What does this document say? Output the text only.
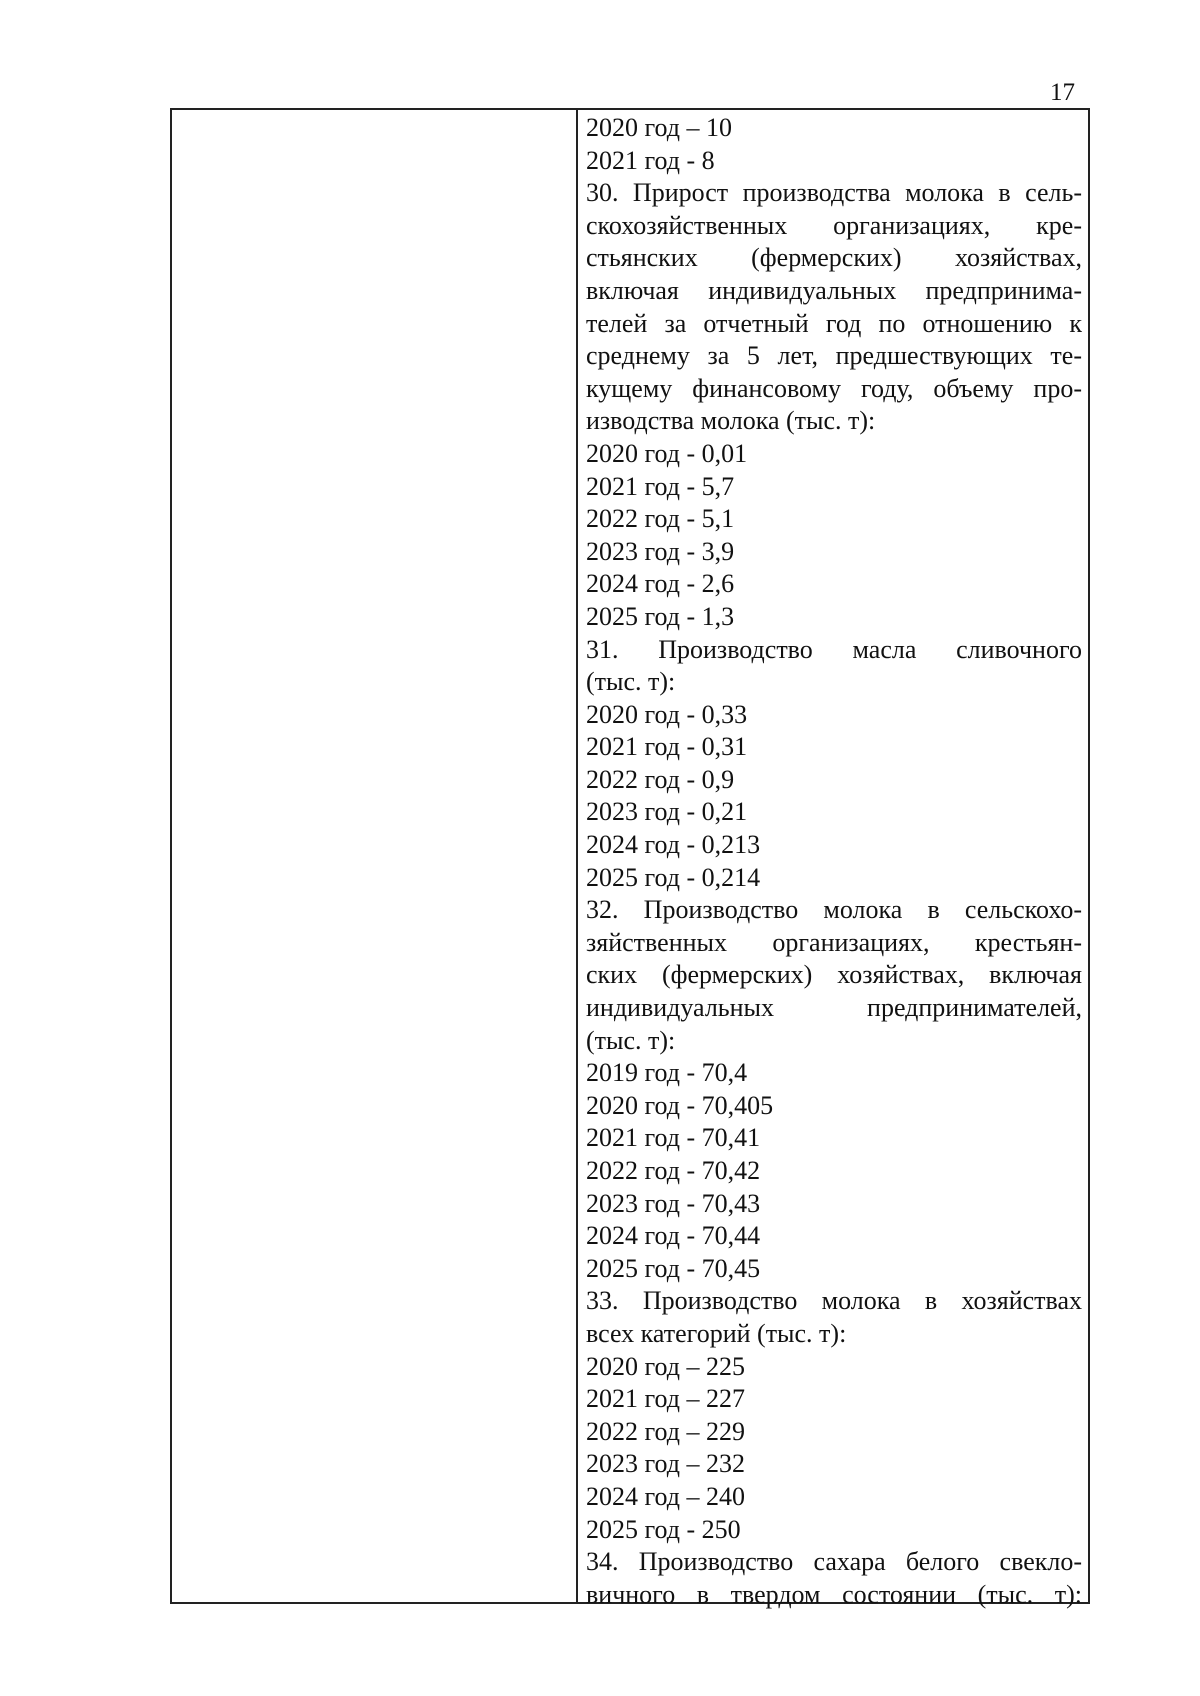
17
2020 год – 10
2021 год - 8
30. Прирост производства молока в сель-
скохозяйственных организациях, кре-
стьянских (фермерских) хозяйствах,
включая индивидуальных предпринима-
телей за отчетный год по отношению к
среднему за 5 лет, предшествующих те-
кущему финансовому году, объему про-
изводства молока (тыс. т):
2020 год - 0,01
2021 год - 5,7
2022 год - 5,1
2023 год - 3,9
2024 год - 2,6
2025 год - 1,3
31. Производство масла сливочного
(тыс. т):
2020 год - 0,33
2021 год - 0,31
2022 год - 0,9
2023 год - 0,21
2024 год - 0,213
2025 год - 0,214
32. Производство молока в сельскохо-
зяйственных организациях, крестьян-
ских (фермерских) хозяйствах, включая
индивидуальных предпринимателей,
(тыс. т):
2019 год - 70,4
2020 год - 70,405
2021 год - 70,41
2022 год - 70,42
2023 год - 70,43
2024 год - 70,44
2025 год - 70,45
33. Производство молока в хозяйствах
всех категорий (тыс. т):
2020 год – 225
2021 год – 227
2022 год – 229
2023 год – 232
2024 год – 240
2025 год - 250
34. Производство сахара белого свекло-
вичного в твердом состоянии (тыс. т):
